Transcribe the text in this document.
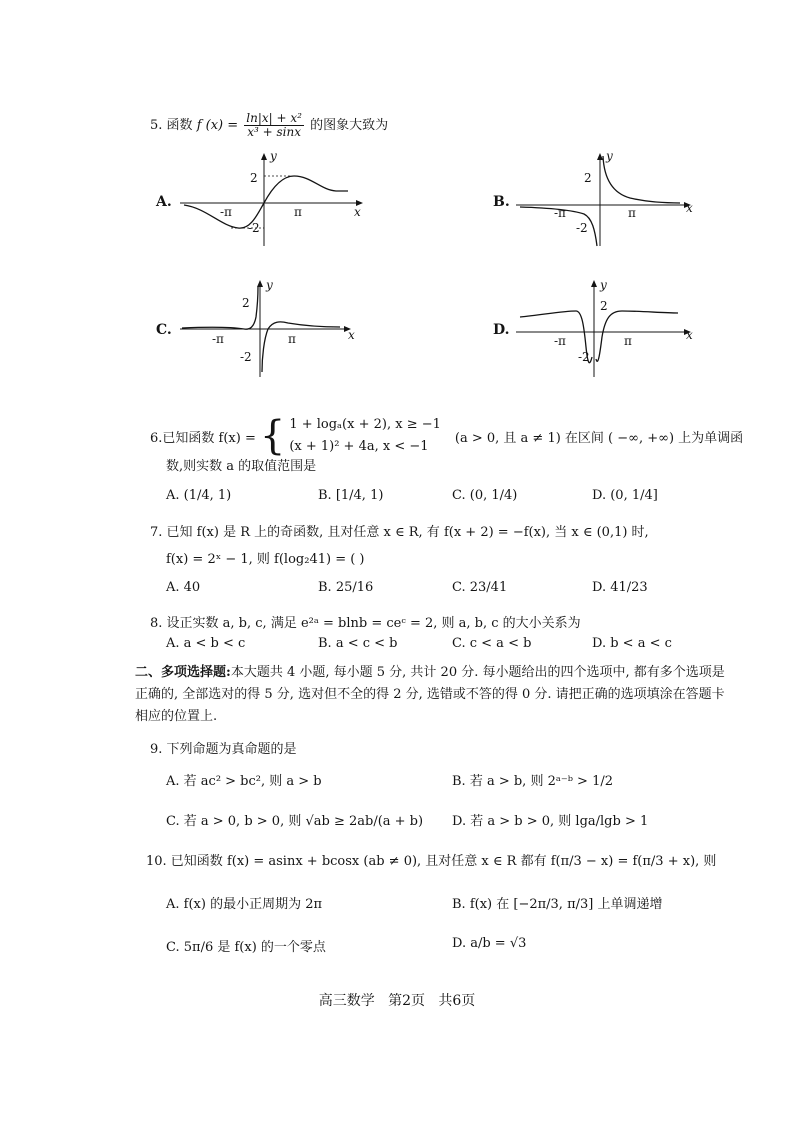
5. 函数 f $(x) = \frac{\text{ln|x| + x²}}{\text{x³ + sinx}}$ 的图象大致为
A.
y
x
2
-2
-π	π
B.
y
x
2
-2
-π	π
C.
y
x
2
-2
-π	π
D.
y
x
2
-2
-π	π
6.已知函数 f(x) = { 1 + logₐ(x + 2), x ≥ −1
(x + 1)² + 4a, x < −1
(a > 0, 且 a ≠ 1) 在区间 ( −∞, +∞) 上为单调函
数,则实数 a 的取值范围是
A. (1/4, 1)	B. [1/4, 1)	C. (0, 1/4)	D. (0, 1/4]
7. 已知 f(x) 是 R 上的奇函数, 且对任意 x ∈ R, 有 f(x + 2) = −f(x), 当 x ∈ (0,1) 时,
f(x) = 2ˣ − 1, 则 f(log₂41) = ( )
A. 40	B. 25/16	C. 23/41	D. 41/23
8. 设正实数 a, b, c, 满足 e²ᵃ = blnb = ceᶜ = 2, 则 a, b, c 的大小关系为
A. a < b < c	B. a < c < b	C. c < a < b	D. b < a < c
二、多项选择题:本大题共 4 小题, 每小题 5 分, 共计 20 分. 每小题给出的四个选项中, 都有多个选项是正确的, 全部选对的得 5 分, 选对但不全的得 2 分, 选错或不答的得 0 分. 请把正确的选项填涂在答题卡相应的位置上.
9. 下列命题为真命题的是
A. 若 ac² > bc², 则 a > b	B. 若 a > b, 则 2ᵃ⁻ᵇ > 1/2
C. 若 a > 0, b > 0, 则 √ab ≥ 2ab/(a + b) D. 若 a > b > 0, 则 lga/lgb > 1
10. 已知函数 f(x) = asinx + bcosx (ab ≠ 0), 且对任意 x ∈ R 都有 f(π/3 − x) = f(π/3 + x), 则
A. f(x) 的最小正周期为 2π	B. f(x) 在 [−2π/3, π/3] 上单调递增
C. 5π/6 是 f(x) 的一个零点	D. a/b = √3
高三数学   第2页   共6页
